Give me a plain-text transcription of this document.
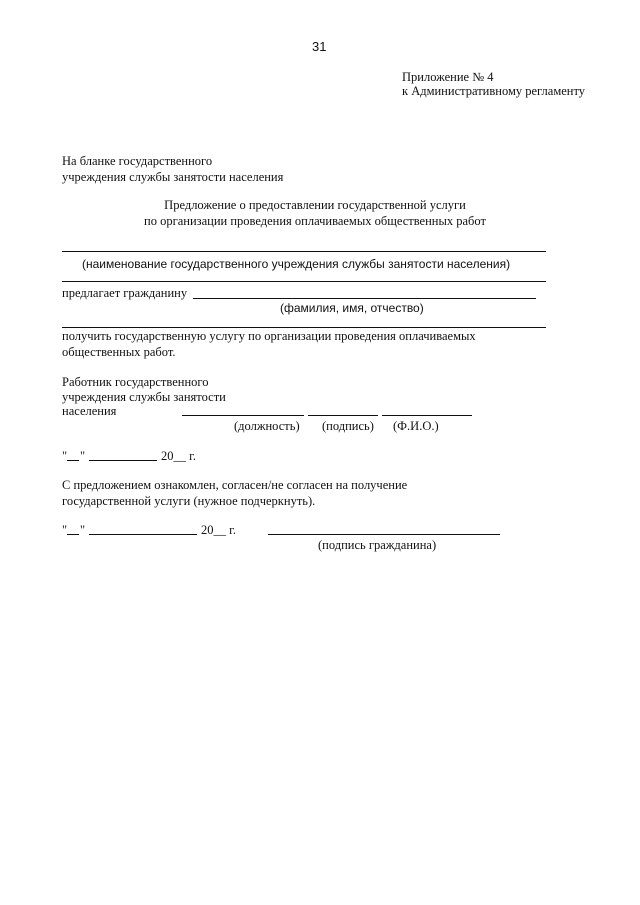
31
Приложение № 4
к Административному регламенту
На бланке государственного
учреждения службы занятости населения
Предложение о предоставлении государственной услуги
по организации проведения оплачиваемых общественных работ
(наименование государственного учреждения службы занятости населения)
предлагает гражданину
(фамилия, имя, отчество)
получить государственную услугу по организации проведения оплачиваемых
общественных работ.
Работник государственного
учреждения службы занятости
населения
(должность) (подпись) (Ф.И.О.)
" "	20__ г.
С предложением ознакомлен, согласен/не согласен на получение
государственной услуги (нужное подчеркнуть).
" "	20__ г.
(подпись гражданина)
